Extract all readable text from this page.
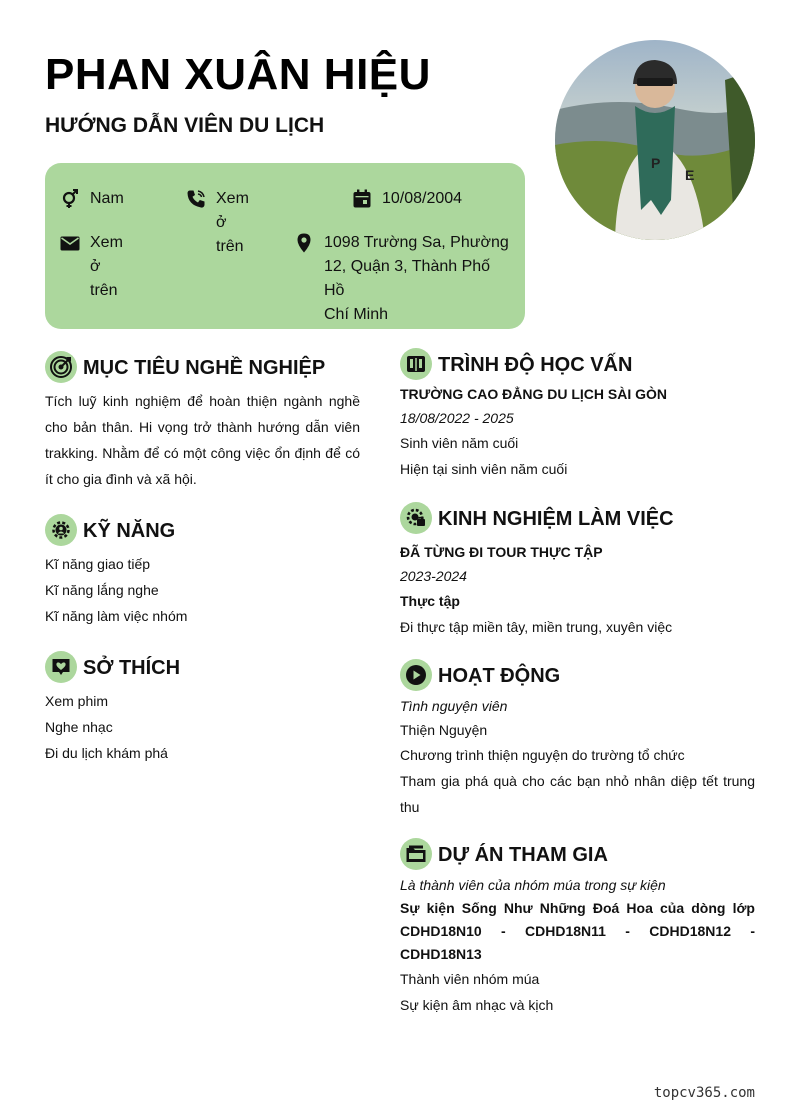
PHAN XUÂN HIỆU
HƯỚNG DẪN VIÊN DU LỊCH
P
E
Nam	Xem ở trên
10/08/2004
Xem ở trên
1098 Trường Sa, Phường
12, Quận 3, Thành Phố Hồ
Chí Minh
MỤC TIÊU NGHỀ NGHIỆP
Tích luỹ kinh nghiệm để hoàn thiện ngành nghề
cho bản thân. Hi vọng trở thành hướng dẫn viên
trakking. Nhằm để có một công việc ổn định để có
ít cho gia đình và xã hội.
KỸ NĂNG
Kĩ năng giao tiếp
Kĩ năng lắng nghe
Kĩ năng làm việc nhóm
SỞ THÍCH
Xem phim
Nghe nhạc
Đi du lịch khám phá
TRÌNH ĐỘ HỌC VẤN
TRƯỜNG CAO ĐẲNG DU LỊCH SÀI GÒN
18/08/2022 - 2025
Sinh viên năm cuối
Hiện tại sinh viên năm cuối
KINH NGHIỆM LÀM VIỆC
ĐÃ TỪNG ĐI TOUR THỰC TẬP
2023-2024
Thực tập
Đi thực tập miền tây, miền trung, xuyên việc
HOẠT ĐỘNG
Tình nguyện viên
Thiện Nguyện
Chương trình thiện nguyện do trường tổ chức
Tham gia phá quà cho các bạn nhỏ nhân diệp tết trung
thu
DỰ ÁN THAM GIA
Là thành viên của nhóm múa trong sự kiện
Sự kiện Sống Như Những Đoá Hoa của dòng lớp
CDHD18N10 - CDHD18N11 - CDHD18N12 -
CDHD18N13
Thành viên nhóm múa
Sự kiện âm nhạc và kịch
topcv365.com
